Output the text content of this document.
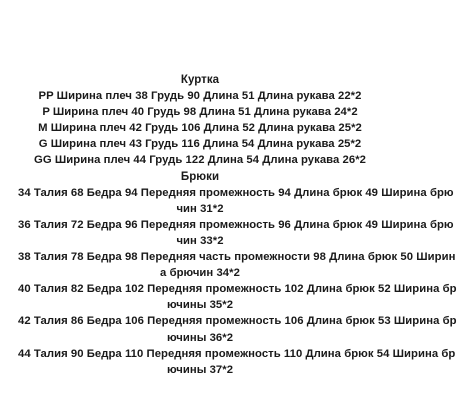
Куртка
PP Ширина плеч 38 Грудь 90 Длина 51 Длина рукава 22*2
P Ширина плеч 40 Грудь 98 Длина 51 Длина рукава 24*2
M Ширина плеч 42 Грудь 106 Длина 52 Длина рукава 25*2
G Ширина плеч 43 Грудь 116 Длина 54 Длина рукава 25*2
GG Ширина плеч 44 Грудь 122 Длина 54 Длина рукава 26*2
Брюки
34 Талия 68 Бедра 94 Передняя промежность 94 Длина брюк 49 Ширина брю
чин 31*2
36 Талия 72 Бедра 96 Передняя промежность 96 Длина брюк 49 Ширина брю
чин 33*2
38 Талия 78 Бедра 98 Передняя часть промежности 98 Длина брюк 50 Ширин
а брючин 34*2
40 Талия 82 Бедра 102 Передняя промежность 102 Длина брюк 52 Ширина бр
ючины 35*2
42 Талия 86 Бедра 106 Передняя промежность 106 Длина брюк 53 Ширина бр
ючины 36*2
44 Талия 90 Бедра 110 Передняя промежность 110 Длина брюк 54 Ширина бр
ючины 37*2
